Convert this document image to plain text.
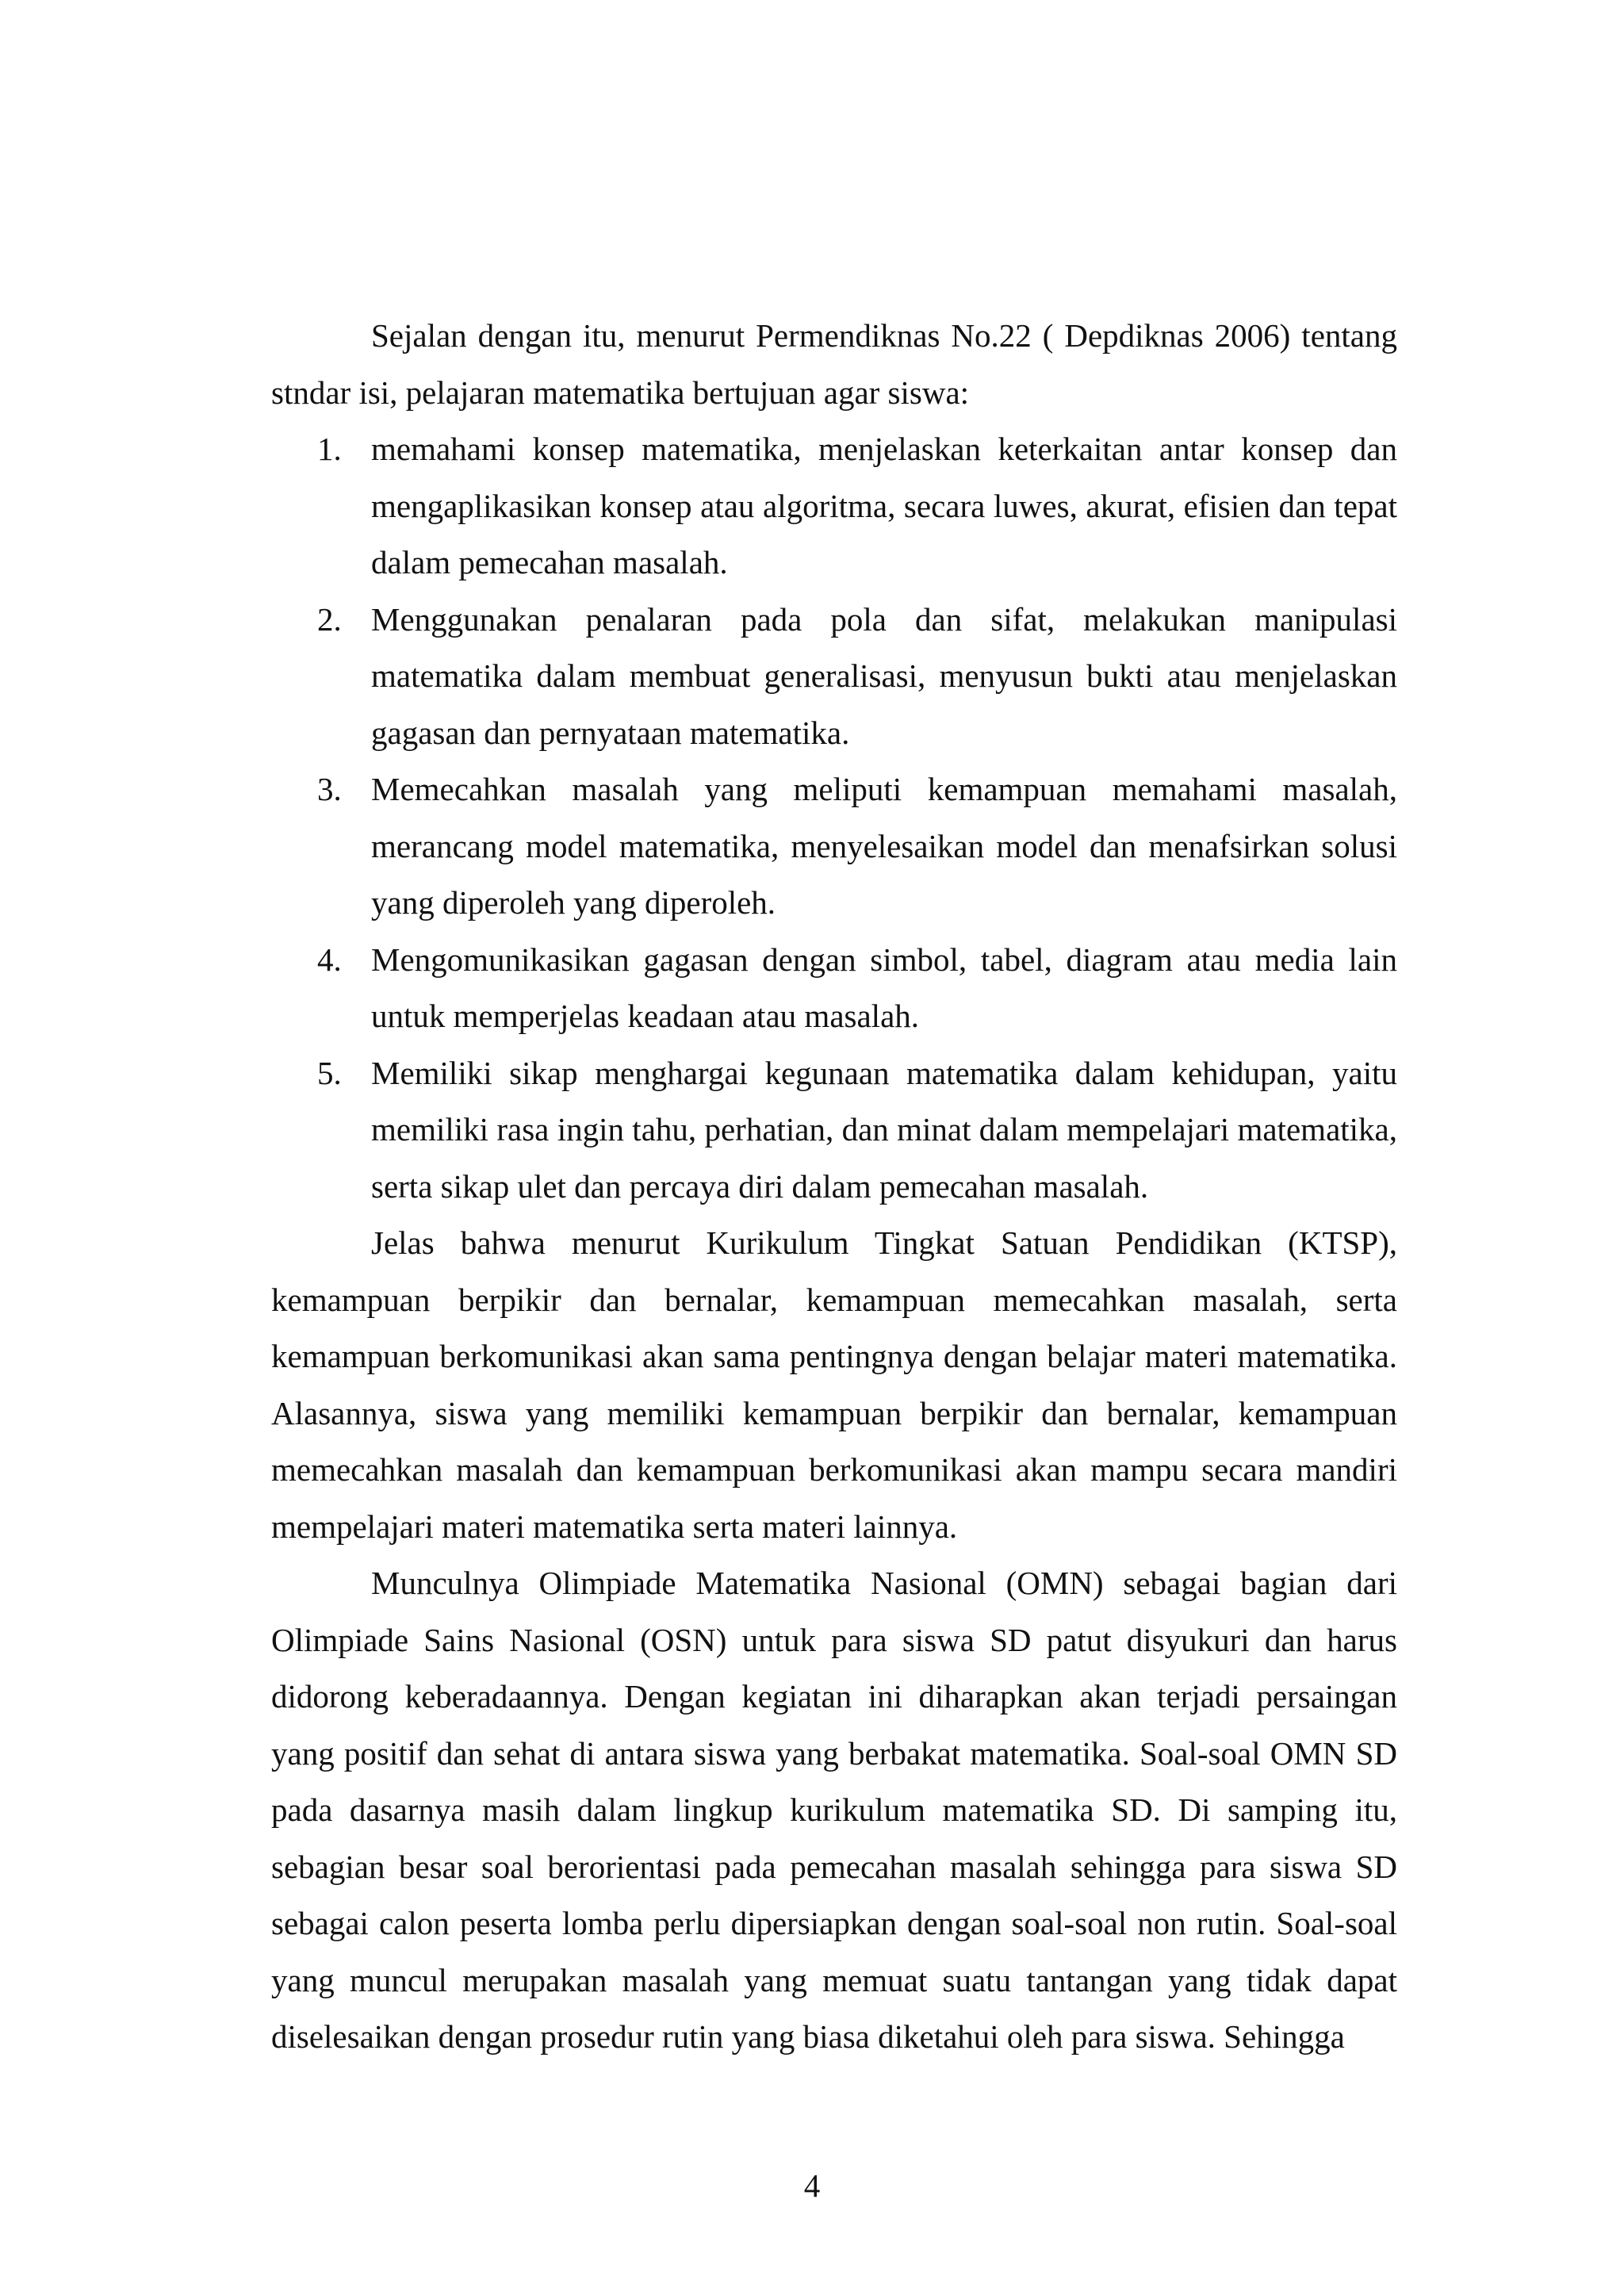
Sejalan dengan itu, menurut Permendiknas No.22 ( Depdiknas 2006) tentang stndar isi, pelajaran matematika bertujuan agar siswa:

1. memahami konsep matematika, menjelaskan keterkaitan antar konsep dan mengaplikasikan konsep atau algoritma, secara luwes, akurat, efisien dan tepat dalam pemecahan masalah.
2. Menggunakan penalaran pada pola dan sifat, melakukan manipulasi matematika dalam membuat generalisasi, menyusun bukti atau menjelaskan gagasan dan pernyataan matematika.
3. Memecahkan masalah yang meliputi kemampuan memahami masalah, merancang model matematika, menyelesaikan model dan menafsirkan solusi yang diperoleh yang diperoleh.
4. Mengomunikasikan gagasan dengan simbol, tabel, diagram atau media lain untuk memperjelas keadaan atau masalah.
5. Memiliki sikap menghargai kegunaan matematika dalam kehidupan, yaitu memiliki rasa ingin tahu, perhatian, dan minat dalam mempelajari matematika, serta sikap ulet dan percaya diri dalam pemecahan masalah.

Jelas bahwa menurut Kurikulum Tingkat Satuan Pendidikan (KTSP), kemampuan berpikir dan bernalar, kemampuan memecahkan masalah, serta kemampuan berkomunikasi akan sama pentingnya dengan belajar materi matematika. Alasannya, siswa yang memiliki kemampuan berpikir dan bernalar, kemampuan memecahkan masalah dan kemampuan berkomunikasi akan mampu secara mandiri mempelajari materi matematika serta materi lainnya.

Munculnya Olimpiade Matematika Nasional (OMN) sebagai bagian dari Olimpiade Sains Nasional (OSN) untuk para siswa SD patut disyukuri dan harus didorong keberadaannya. Dengan kegiatan ini diharapkan akan terjadi persaingan yang positif dan sehat di antara siswa yang berbakat matematika. Soal-soal OMN SD pada dasarnya masih dalam lingkup kurikulum matematika SD. Di samping itu, sebagian besar soal berorientasi pada pemecahan masalah sehingga para siswa SD sebagai calon peserta lomba perlu dipersiapkan dengan soal-soal non rutin. Soal-soal yang muncul merupakan masalah yang memuat suatu tantangan yang tidak dapat diselesaikan dengan prosedur rutin yang biasa diketahui oleh para siswa. Sehingga

4
